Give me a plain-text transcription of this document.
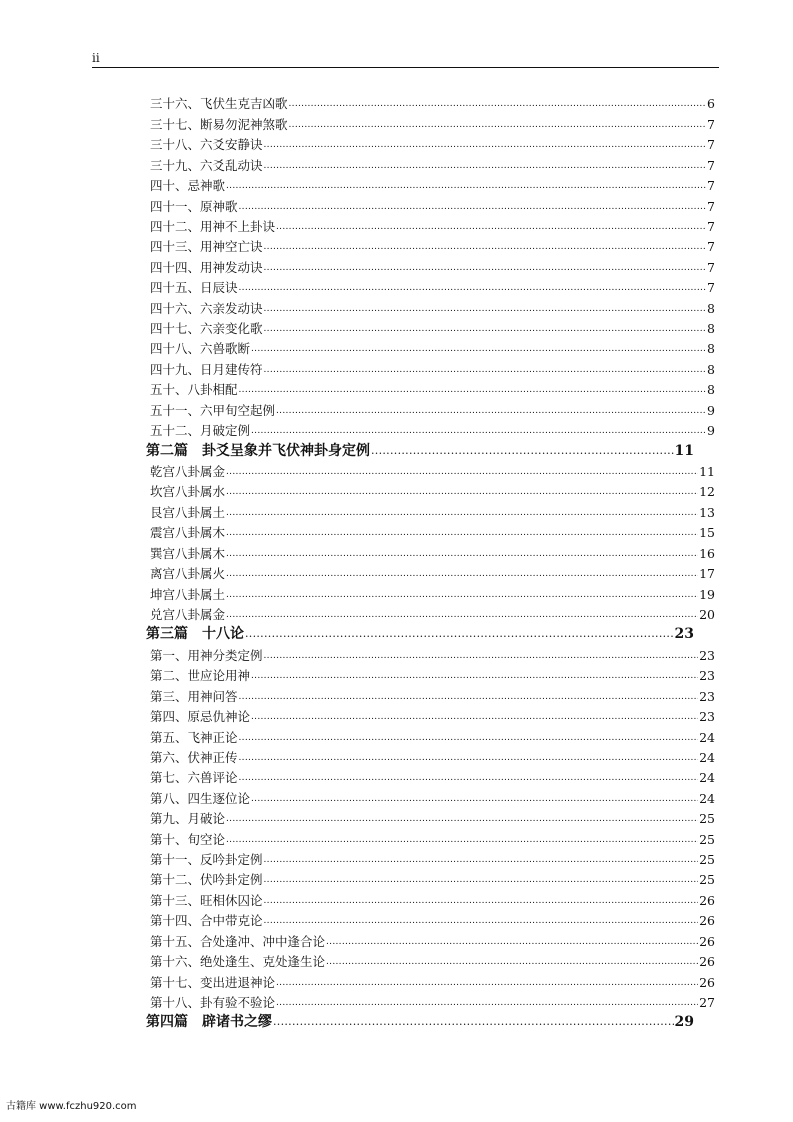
ii
三十六、飞伏生克吉凶歌 .....	6
三十七、断易勿泥神煞歌 .....	7
三十八、六爻安静诀 .....	7
三十九、六爻乱动诀 .....	7
四十、忌神歌 .....	7
四十一、原神歌 .....	7
四十二、用神不上卦诀 .....	7
四十三、用神空亡诀 .....	7
四十四、用神发动诀 .....	7
四十五、日辰诀 .....	7
四十六、六亲发动诀 .....	8
四十七、六亲变化歌 .....	8
四十八、六兽歌断 .....	8
四十九、日月建传符 .....	8
五十、八卦相配 .....	8
五十一、六甲旬空起例 .....	9
五十二、月破定例 .....	9
第二篇　卦爻呈象并飞伏神卦身定例 .....	11
乾宫八卦属金 .....	11
坎宫八卦属水 .....	12
艮宫八卦属土 .....	13
震宫八卦属木 .....	15
巽宫八卦属木 .....	16
离宫八卦属火 .....	17
坤宫八卦属土 .....	19
兑宫八卦属金 .....	20
第三篇　十八论 .....	23
第一、用神分类定例 .....	23
第二、世应论用神 .....	23
第三、用神问答 .....	23
第四、原忌仇神论 .....	23
第五、飞神正论 .....	24
第六、伏神正传 .....	24
第七、六兽评论 .....	24
第八、四生逐位论 .....	24
第九、月破论 .....	25
第十、旬空论 .....	25
第十一、反吟卦定例 .....	25
第十二、伏吟卦定例 .....	25
第十三、旺相休囚论 .....	26
第十四、合中带克论 .....	26
第十五、合处逢冲、冲中逢合论 .....	26
第十六、绝处逢生、克处逢生论 .....	26
第十七、变出进退神论 .....	26
第十八、卦有验不验论 .....	27
第四篇　辟诸书之缪 .....	29
古籍库 www.fczhu920.com
